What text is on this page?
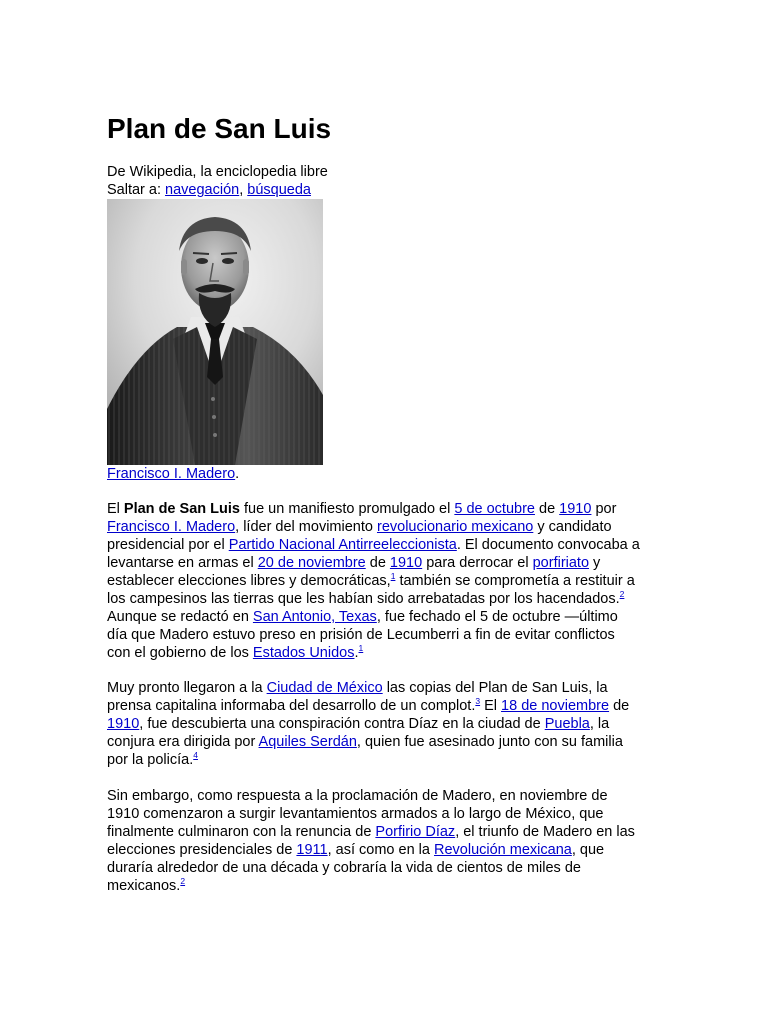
Plan de San Luis
De Wikipedia, la enciclopedia libre
Saltar a: navegación, búsqueda
Francisco I. Madero.
El Plan de San Luis fue un manifiesto promulgado el 5 de octubre de 1910 por
Francisco I. Madero, líder del movimiento revolucionario mexicano y candidato
presidencial por el Partido Nacional Antirreeleccionista. El documento convocaba a
levantarse en armas el 20 de noviembre de 1910 para derrocar el porfiriato y
establecer elecciones libres y democráticas,$^1$ también se comprometía a restituir a
los campesinos las tierras que les habían sido arrebatadas por los hacendados.$^2$
Aunque se redactó en San Antonio, Texas, fue fechado el 5 de octubre —último
día que Madero estuvo preso en prisión de Lecumberri a fin de evitar conflictos
con el gobierno de los Estados Unidos.$^1$
Muy pronto llegaron a la Ciudad de México las copias del Plan de San Luis, la
prensa capitalina informaba del desarrollo de un complot.$^3$ El 18 de noviembre de
1910, fue descubierta una conspiración contra Díaz en la ciudad de Puebla, la
conjura era dirigida por Aquiles Serdán, quien fue asesinado junto con su familia
por la policía.$^4$
Sin embargo, como respuesta a la proclamación de Madero, en noviembre de
1910 comenzaron a surgir levantamientos armados a lo largo de México, que
finalmente culminaron con la renuncia de Porfirio Díaz, el triunfo de Madero en las
elecciones presidenciales de 1911, así como en la Revolución mexicana, que
duraría alrededor de una década y cobraría la vida de cientos de miles de
mexicanos.$^2$
